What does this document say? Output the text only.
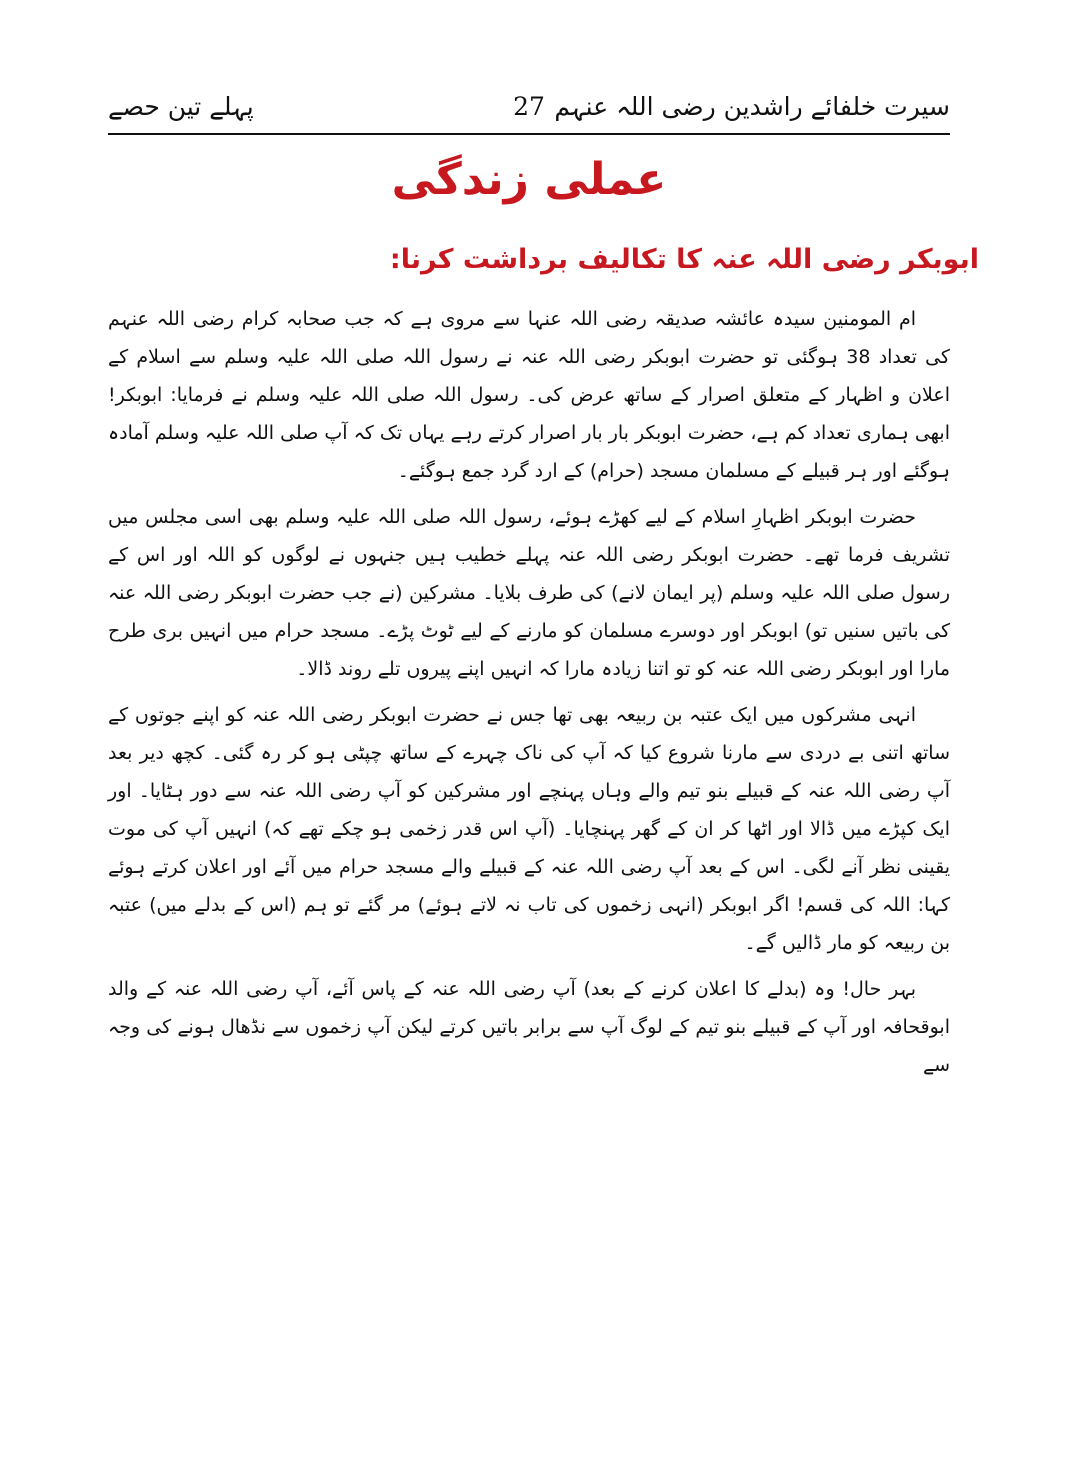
سیرت خلفائے راشدین رضی اللہ عنہم
27
پہلے تین حصے
عملی زندگی
ابوبکر رضی اللہ عنہ کا تکالیف برداشت کرنا:

ام المومنین سیدہ عائشہ صدیقہ رضی اللہ عنہا سے مروی ہے کہ جب صحابہ کرام رضی اللہ عنہم کی تعداد 38 ہوگئی تو حضرت ابوبکر رضی اللہ عنہ نے رسول اللہ صلی اللہ علیہ وسلم سے اسلام کے اعلان و اظہار کے متعلق اصرار کے ساتھ عرض کی۔ رسول اللہ صلی اللہ علیہ وسلم نے فرمایا: ابوبکر! ابھی ہماری تعداد کم ہے، حضرت ابوبکر بار بار اصرار کرتے رہے یہاں تک کہ آپ صلی اللہ علیہ وسلم آمادہ ہوگئے اور ہر قبیلے کے مسلمان مسجد (حرام) کے ارد گرد جمع ہوگئے۔

حضرت ابوبکر اظہارِ اسلام کے لیے کھڑے ہوئے، رسول اللہ صلی اللہ علیہ وسلم بھی اسی مجلس میں تشریف فرما تھے۔ حضرت ابوبکر رضی اللہ عنہ پہلے خطیب ہیں جنہوں نے لوگوں کو اللہ اور اس کے رسول صلی اللہ علیہ وسلم (پر ایمان لانے) کی طرف بلایا۔ مشرکین (نے جب حضرت ابوبکر رضی اللہ عنہ کی باتیں سنیں تو) ابوبکر اور دوسرے مسلمان کو مارنے کے لیے ٹوٹ پڑے۔ مسجد حرام میں انہیں بری طرح مارا اور ابوبکر رضی اللہ عنہ کو تو اتنا زیادہ مارا کہ انہیں اپنے پیروں تلے روند ڈالا۔

انہی مشرکوں میں ایک عتبہ بن ربیعہ بھی تھا جس نے حضرت ابوبکر رضی اللہ عنہ کو اپنے جوتوں کے ساتھ اتنی بے دردی سے مارنا شروع کیا کہ آپ کی ناک چہرے کے ساتھ چپٹی ہو کر رہ گئی۔ کچھ دیر بعد آپ رضی اللہ عنہ کے قبیلے بنو تیم والے وہاں پہنچے اور مشرکین کو آپ رضی اللہ عنہ سے دور ہٹایا۔ اور ایک کپڑے میں ڈالا اور اٹھا کر ان کے گھر پہنچایا۔ (آپ اس قدر زخمی ہو چکے تھے کہ) انہیں آپ کی موت یقینی نظر آنے لگی۔ اس کے بعد آپ رضی اللہ عنہ کے قبیلے والے مسجد حرام میں آئے اور اعلان کرتے ہوئے کہا: اللہ کی قسم! اگر ابوبکر (انہی زخموں کی تاب نہ لاتے ہوئے) مر گئے تو ہم (اس کے بدلے میں) عتبہ بن ربیعہ کو مار ڈالیں گے۔

بہر حال! وہ (بدلے کا اعلان کرنے کے بعد) آپ رضی اللہ عنہ کے پاس آئے، آپ رضی اللہ عنہ کے والد ابوقحافہ اور آپ کے قبیلے بنو تیم کے لوگ آپ سے برابر باتیں کرتے لیکن آپ زخموں سے نڈھال ہونے کی وجہ سے
